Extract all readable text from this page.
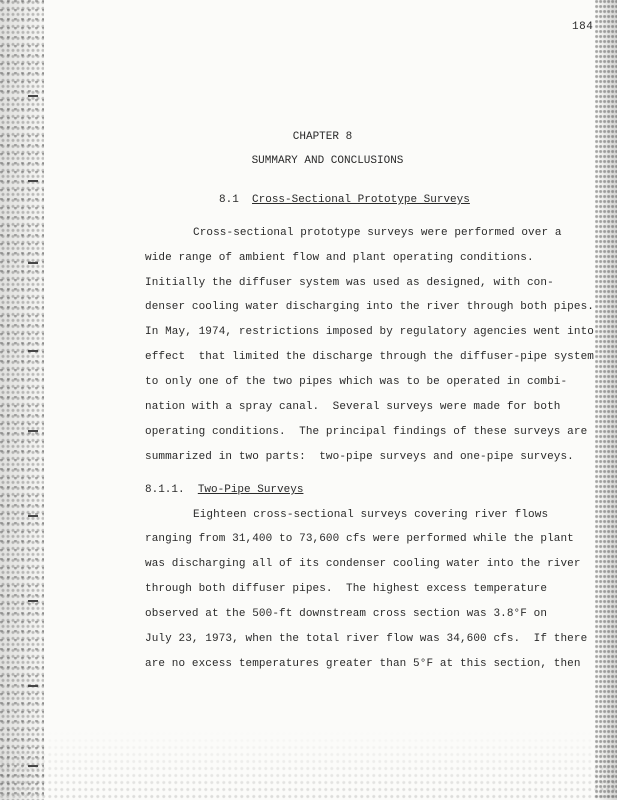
184
CHAPTER 8
SUMMARY AND CONCLUSIONS
8.1 Cross-Sectional Prototype Surveys
Cross-sectional prototype surveys were performed over a
wide range of ambient flow and plant operating conditions.
Initially the diffuser system was used as designed, with con-
denser cooling water discharging into the river through both pipes.
In May, 1974, restrictions imposed by regulatory agencies went into
effect  that limited the discharge through the diffuser-pipe system
to only one of the two pipes which was to be operated in combi-
nation with a spray canal.  Several surveys were made for both
operating conditions.  The principal findings of these surveys are
summarized in two parts:  two-pipe surveys and one-pipe surveys.
8.1.1. Two-Pipe Surveys
Eighteen cross-sectional surveys covering river flows
ranging from 31,400 to 73,600 cfs were performed while the plant
was discharging all of its condenser cooling water into the river
through both diffuser pipes.  The highest excess temperature
observed at the 500-ft downstream cross section was 3.8°F on
July 23, 1973, when the total river flow was 34,600 cfs.  If there
are no excess temperatures greater than 5°F at this section, then
